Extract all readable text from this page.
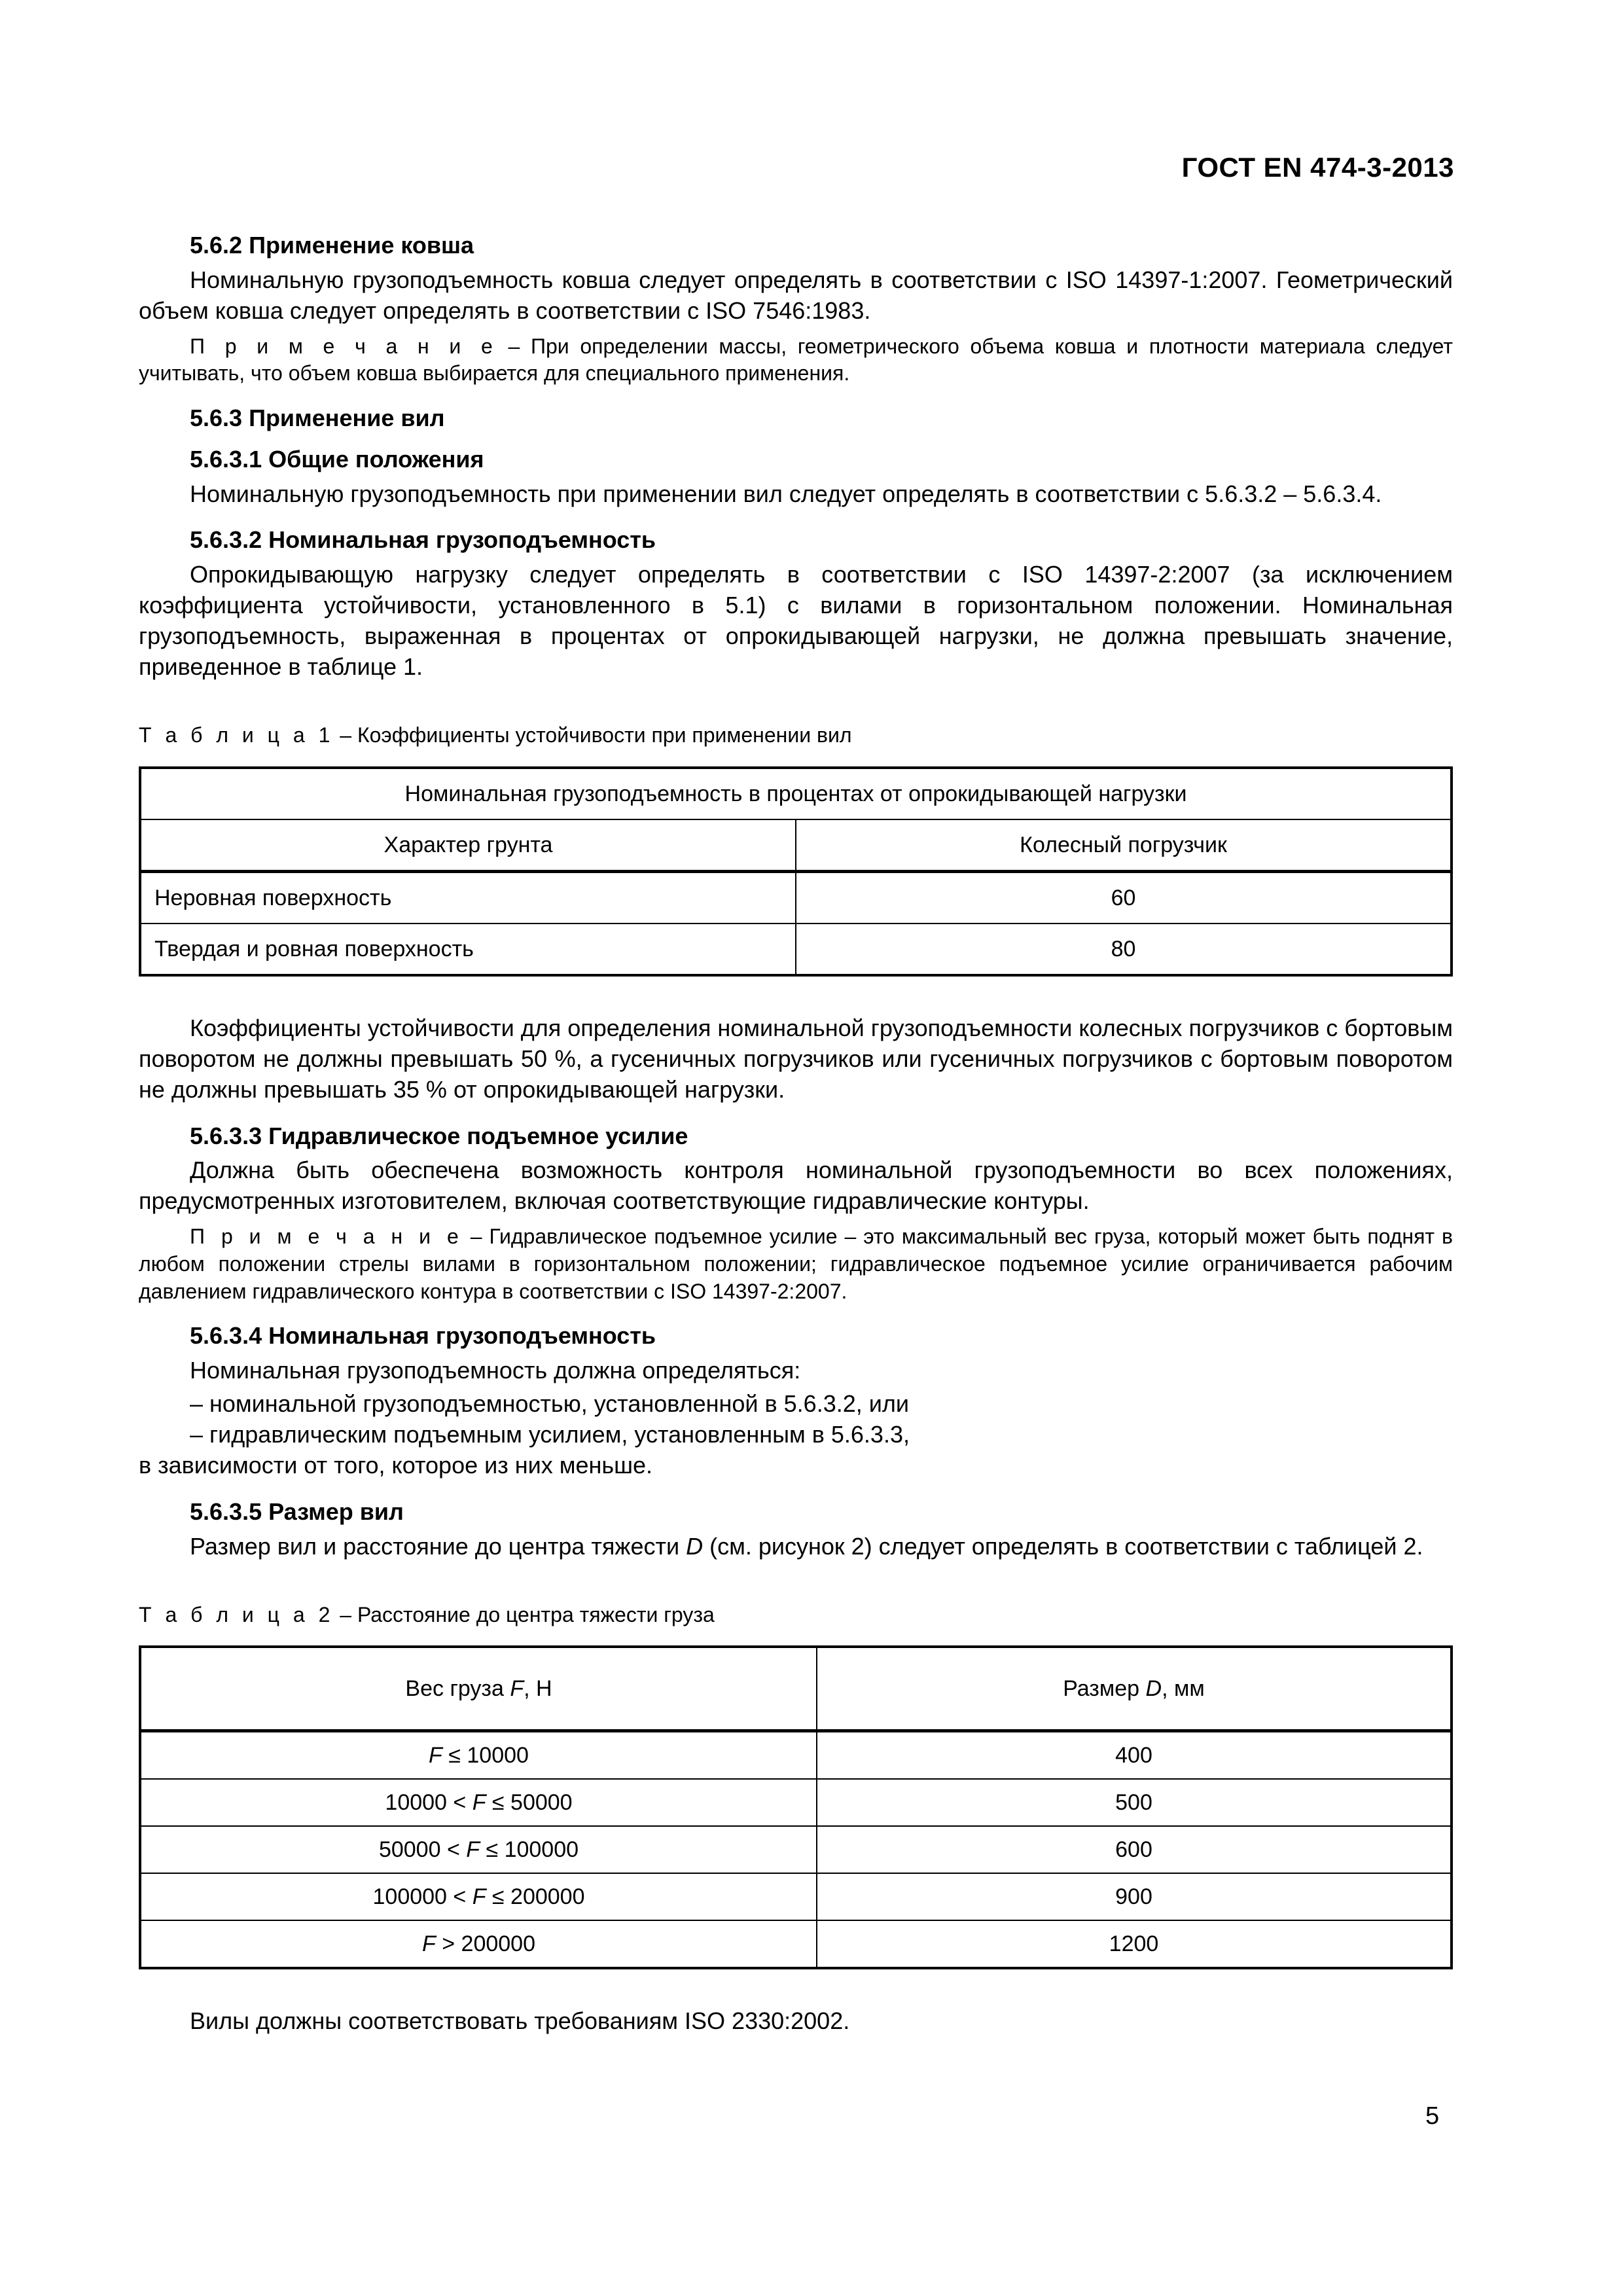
ГОСТ EN 474-3-2013
5.6.2 Применение ковша

Номинальную грузоподъемность ковша следует определять в соответствии с ISO 14397-1:2007. Геометрический объем ковша следует определять в соответствии с ISO 7546:1983.

П р и м е ч а н и е – При определении массы, геометрического объема ковша и плотности материала следует учитывать, что объем ковша выбирается для специального применения.

5.6.3 Применение вил
5.6.3.1 Общие положения

Номинальную грузоподъемность при применении вил следует определять в соответствии с 5.6.3.2 – 5.6.3.4.

5.6.3.2 Номинальная грузоподъемность

Опрокидывающую нагрузку следует определять в соответствии с ISO 14397-2:2007 (за исключением коэффициента устойчивости, установленного в 5.1) с вилами в горизонтальном положении. Номинальная грузоподъемность, выраженная в процентах от опрокидывающей нагрузки, не должна превышать значение, приведенное в таблице 1.

Т а б л и ц а 1 – Коэффициенты устойчивости при применении вил
Номинальная грузоподъемность в процентах от опрокидывающей нагрузки	
Характер грунта	Колесный погрузчик
Неровная поверхность	60
Твердая и ровная поверхность	80

Коэффициенты устойчивости для определения номинальной грузоподъемности колесных погрузчиков с бортовым поворотом не должны превышать 50 %, а гусеничных погрузчиков или гусеничных погрузчиков с бортовым поворотом не должны превышать 35 % от опрокидывающей нагрузки.

5.6.3.3 Гидравлическое подъемное усилие

Должна быть обеспечена возможность контроля номинальной грузоподъемности во всех положениях, предусмотренных изготовителем, включая соответствующие гидравлические контуры.

П р и м е ч а н и е – Гидравлическое подъемное усилие – это максимальный вес груза, который может быть поднят в любом положении стрелы вилами в горизонтальном положении; гидравлическое подъемное усилие ограничивается рабочим давлением гидравлического контура в соответствии с ISO 14397-2:2007.

5.6.3.4 Номинальная грузоподъемность

Номинальная грузоподъемность должна определяться:

– номинальной грузоподъемностью, установленной в 5.6.3.2, или

– гидравлическим подъемным усилием, установленным в 5.6.3.3,

в зависимости от того, которое из них меньше.

5.6.3.5 Размер вил

Размер вил и расстояние до центра тяжести D (см. рисунок 2) следует определять в соответствии с таблицей 2.

Т а б л и ц а 2 – Расстояние до центра тяжести груза
Вес груза F, Н	Размер D, мм
F ≤ 10000	400
10000 < F ≤ 50000	500
50000 < F ≤ 100000	600
100000 < F ≤ 200000	900
F > 200000	1200

Вилы должны соответствовать требованиям ISO 2330:2002.

5
